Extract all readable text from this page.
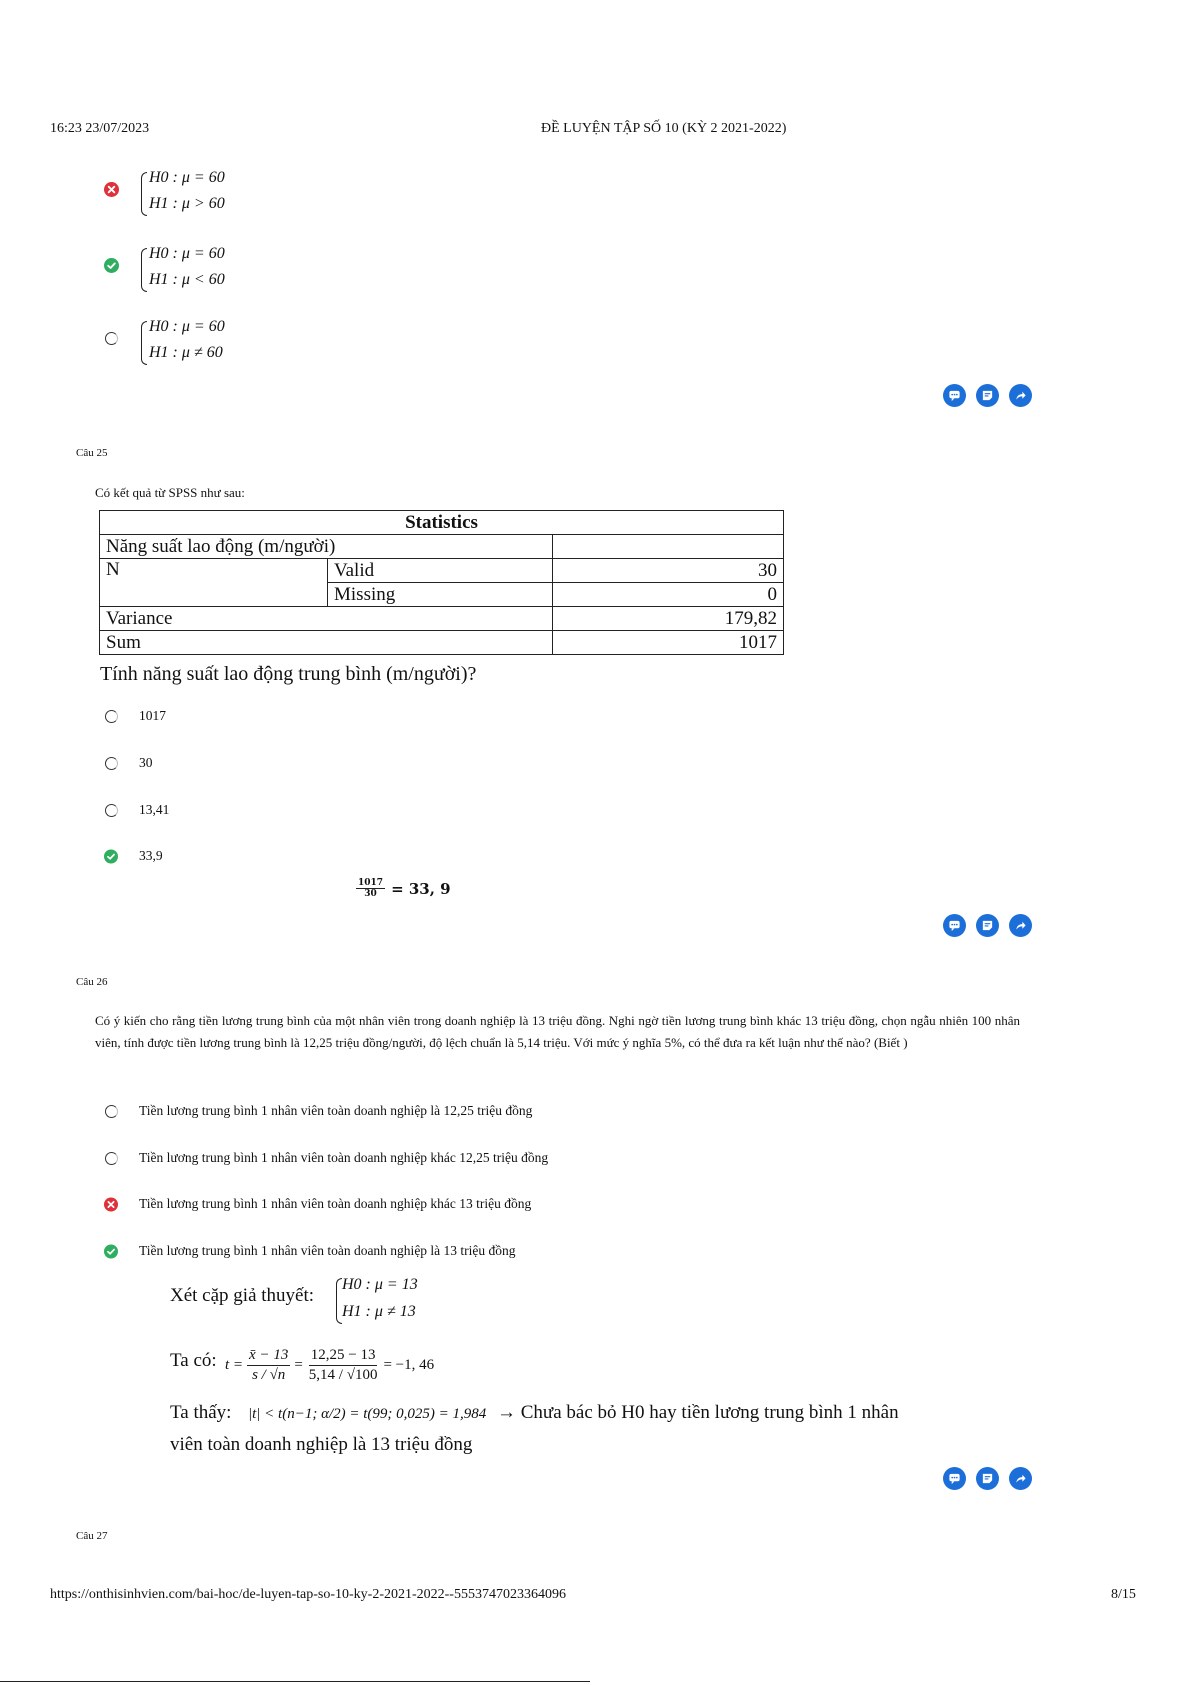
16:23 23/07/2023	ĐỀ LUYỆN TẬP SỐ 10 (KỲ 2 2021-2022)
H0 : μ = 60
H1 : μ > 60
H0 : μ = 60
H1 : μ < 60
H0 : μ = 60
H1 : μ ≠ 60
Câu 25
Có kết quả từ SPSS như sau:
Statistics		
Năng suất lao động (m/người)		
N	Valid	30
	Missing	0
Variance		179,82
Sum		1017
Tính năng suất lao động trung bình (m/người)?
1017
30
13,41
33,9
$\frac{1017}{30} = 33$, 9
Câu 26
Có ý kiến cho rằng tiền lương trung bình của một nhân viên trong doanh nghiệp là 13 triệu đồng. Nghi ngờ tiền lương trung bình khác 13 triệu đồng, chọn ngẫu nhiên 100 nhân viên, tính được tiền lương trung bình là 12,25 triệu đồng/người, độ lệch chuẩn là 5,14 triệu. Với mức ý nghĩa 5%, có thể đưa ra kết luận như thế nào? (Biết )
Tiền lương trung bình 1 nhân viên toàn doanh nghiệp là 12,25 triệu đồng
Tiền lương trung bình 1 nhân viên toàn doanh nghiệp khác 12,25 triệu đồng
Tiền lương trung bình 1 nhân viên toàn doanh nghiệp khác 13 triệu đồng
Tiền lương trung bình 1 nhân viên toàn doanh nghiệp là 13 triệu đồng
Xét cặp giả thuyết:
H0 : μ = 13
H1 : μ ≠ 13
Ta có: $t = \frac{x̄ - 13}{s / √n} = \frac{12,25 - 13}{5,14 / √100} = -1$, 46
Ta thấy: |t| < t(n−1; α/2) = t(99; 0,025) = 1,984 → Chưa bác bỏ H0 hay tiền lương trung bình 1 nhân
viên toàn doanh nghiệp là 13 triệu đồng
Câu 27
https://onthisinhvien.com/bai-hoc/de-luyen-tap-so-10-ky-2-2021-2022--5553747023364096	8/15
